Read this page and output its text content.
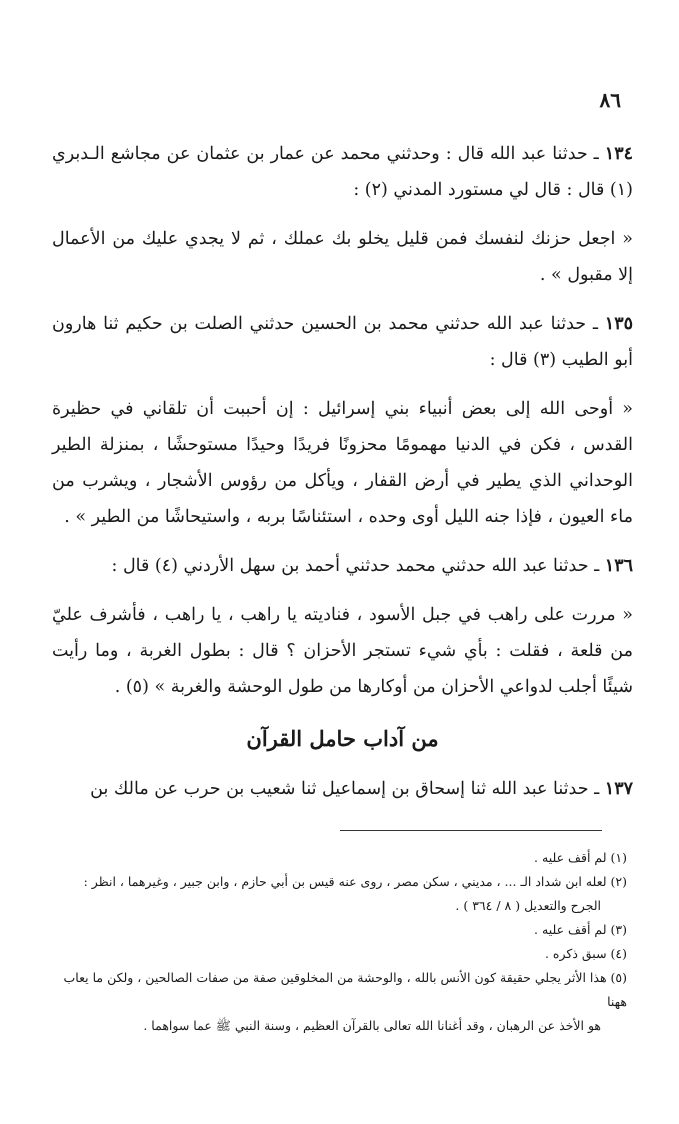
٨٦

١٣٤ ـ حدثنا عبد الله قال : وحدثني محمد عن عمار بن عثمان عن مجاشع الـدبري (١) قال : قال لي مستورد المدني (٢) :

« اجعل حزنك لنفسك فمن قليل يخلو بك عملك ، ثم لا يجدي عليك من الأعمال إلا مقبول » .

١٣٥ ـ حدثنا عبد الله حدثني محمد بن الحسين حدثني الصلت بن حكيم ثنا هارون أبو الطيب (٣) قال :

« أوحى الله إلى بعض أنبياء بني إسرائيل : إن أحببت أن تلقاني في حظيرة القدس ، فكن في الدنيا مهمومًا محزونًا فريدًا وحيدًا مستوحشًا ، بمنزلة الطير الوحداني الذي يطير في أرض القفار ، ويأكل من رؤوس الأشجار ، ويشرب من ماء العيون ، فإذا جنه الليل أوى وحده ، استئناسًا بربه ، واستيحاشًا من الطير » .

١٣٦ ـ حدثنا عبد الله حدثني محمد حدثني أحمد بن سهل الأردني (٤) قال :

« مررت على راهب في جبل الأسود ، فناديته يا راهب ، يا راهب ، فأشرف عليّ من قلعة ، فقلت : بأي شيء تستجر الأحزان ؟ قال : بطول الغربة ، وما رأيت شيئًا أجلب لدواعي الأحزان من أوكارها من طول الوحشة والغربة » (٥) .

من آداب حامل القرآن

١٣٧ ـ حدثنا عبد الله ثنا إسحاق بن إسماعيل ثنا شعيب بن حرب عن مالك بن

(١) لم أقف عليه .

(٢) لعله ابن شداد الـ ... ، مديني ، سكن مصر ، روى عنه قيس بن أبي حازم ، وابن جبير ، وغيرهما ، انظر :

الجرح والتعديل ( ٨ / ٣٦٤ ) .

(٣) لم أقف عليه .

(٤) سبق ذكره .

(٥) هذا الأثر يجلي حقيقة كون الأنس بالله ، والوحشة من المخلوقين صفة من صفات الصالحين ، ولكن ما يعاب ههنا

هو الأخذ عن الرهبان ، وقد أغنانا الله تعالى بالقرآن العظيم ، وسنة النبي ﷺ عما سواهما .
